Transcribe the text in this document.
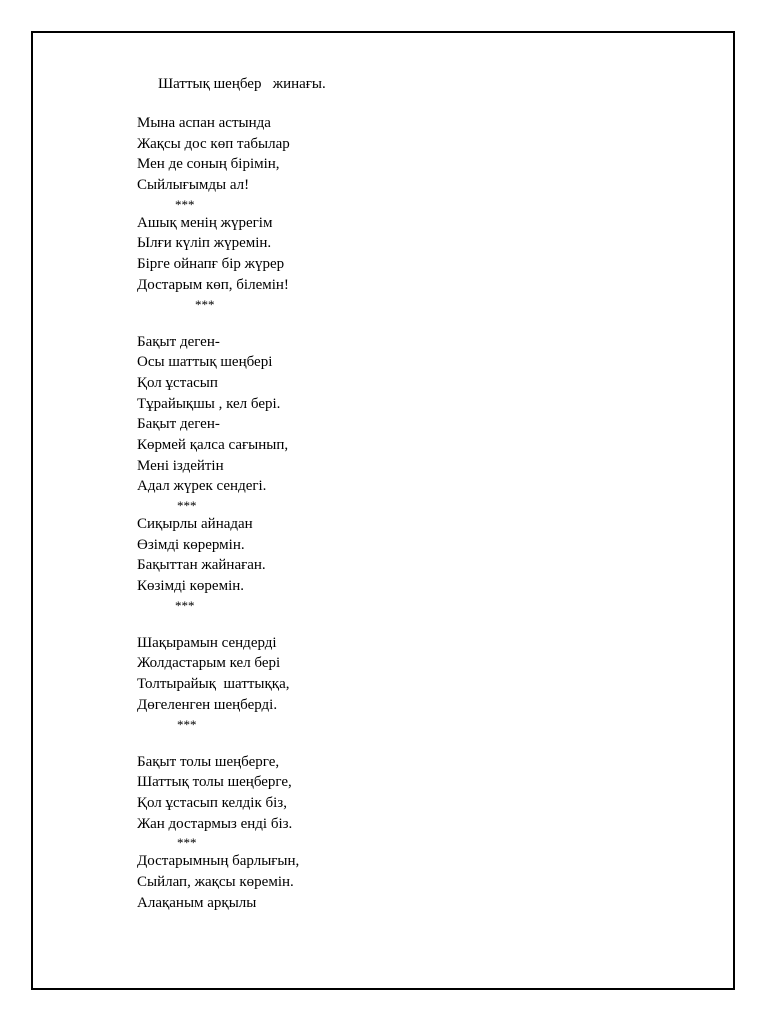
Шаттық шеңбер   жинағы.
Мына аспан астында
Жақсы дос көп табылар
Мен де соның бірімін,
Сыйлығымды ал!
***
Ашық менің жүрегім
Ылғи күліп жүремін.
Бірге ойнапғ бір жүрер
Достарым көп, білемін!
***
Бақыт деген-
Осы шаттық шеңбері
Қол ұстасып
Тұрайықшы , кел бері.
Бақыт деген-
Көрмей қалса сағынып,
Мені іздейтін
Адал жүрек сендегі.
***
Сиқырлы айнадан
Өзімді көрермін.
Бақыттан жайнаған.
Көзімді көремін.
***
Шақырамын сендерді
Жолдастарым кел бері
Толтырайық  шаттыққа,
Дөгеленген шеңберді.
***
Бақыт толы шеңберге,
Шаттық толы шеңберге,
Қол ұстасып келдік біз,
Жан достармыз енді біз.
***
Достарымның барлығын,
Сыйлап, жақсы көремін.
Алақаным арқылы
